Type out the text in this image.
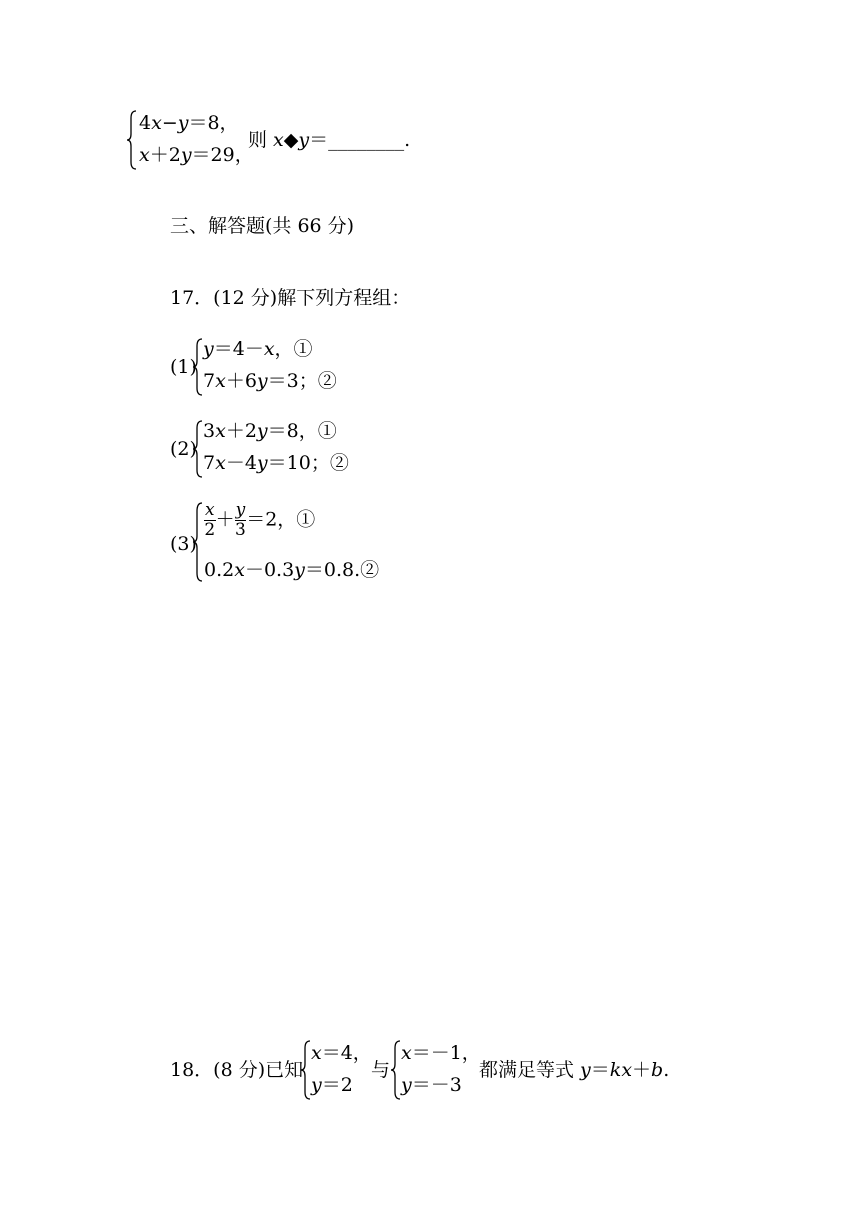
4x−y＝8，
x＋2y＝29，
则 x◆y＝________.
三、解答题(共 66 分)
17．(12 分)解下列方程组：
(1)
y＝4－x，①
7x＋6y＝3；②
(2)
3x＋2y＝8，①
7x－4y＝10；②
(3)
$\frac{x}{2} + \frac{y}{3} =2$，①
0.2x－0.3y＝0.8.②
18．(8 分)已知
x＝4，
y＝2
与
x＝－1，
y＝－3
都满足等式 y＝kx＋b.
